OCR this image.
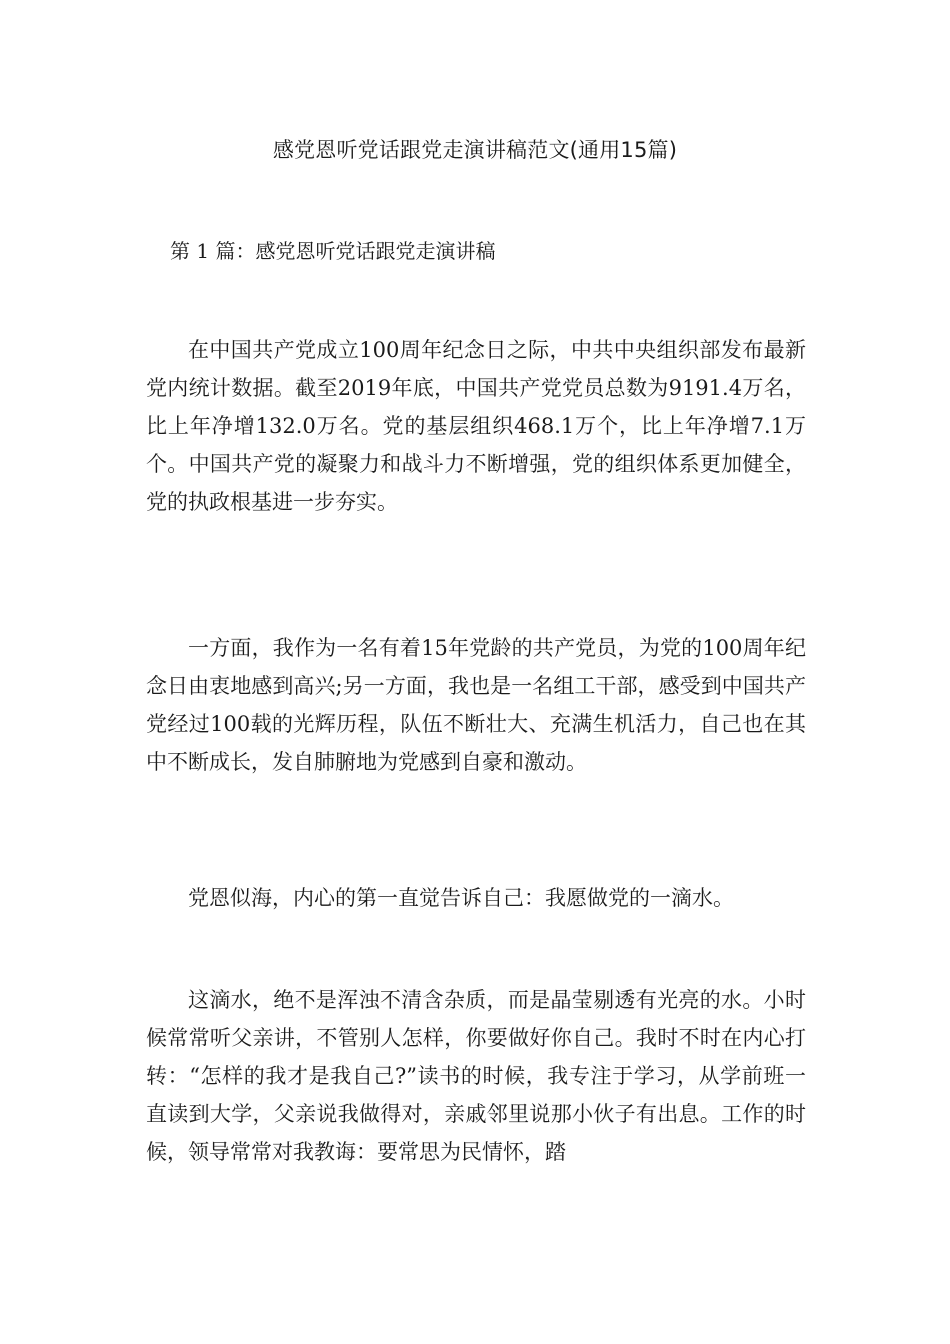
感党恩听党话跟党走演讲稿范文(通用15篇)
第 1 篇：感党恩听党话跟党走演讲稿

在中国共产党成立100周年纪念日之际，中共中央组织部发布最新党内统计数据。截至2019年底，中国共产党党员总数为9191.4万名，比上年净增132.0万名。党的基层组织468.1万个，比上年净增7.1万个。中国共产党的凝聚力和战斗力不断增强，党的组织体系更加健全，党的执政根基进一步夯实。

一方面，我作为一名有着15年党龄的共产党员，为党的100周年纪念日由衷地感到高兴;另一方面，我也是一名组工干部，感受到中国共产党经过100载的光辉历程，队伍不断壮大、充满生机活力，自己也在其中不断成长，发自肺腑地为党感到自豪和激动。

党恩似海，内心的第一直觉告诉自己：我愿做党的一滴水。

这滴水，绝不是浑浊不清含杂质，而是晶莹剔透有光亮的水。小时候常常听父亲讲，不管别人怎样，你要做好你自己。我时不时在内心打转：“怎样的我才是我自己?”读书的时候，我专注于学习，从学前班一直读到大学，父亲说我做得对，亲戚邻里说那小伙子有出息。工作的时候，领导常常对我教诲：要常思为民情怀，踏
